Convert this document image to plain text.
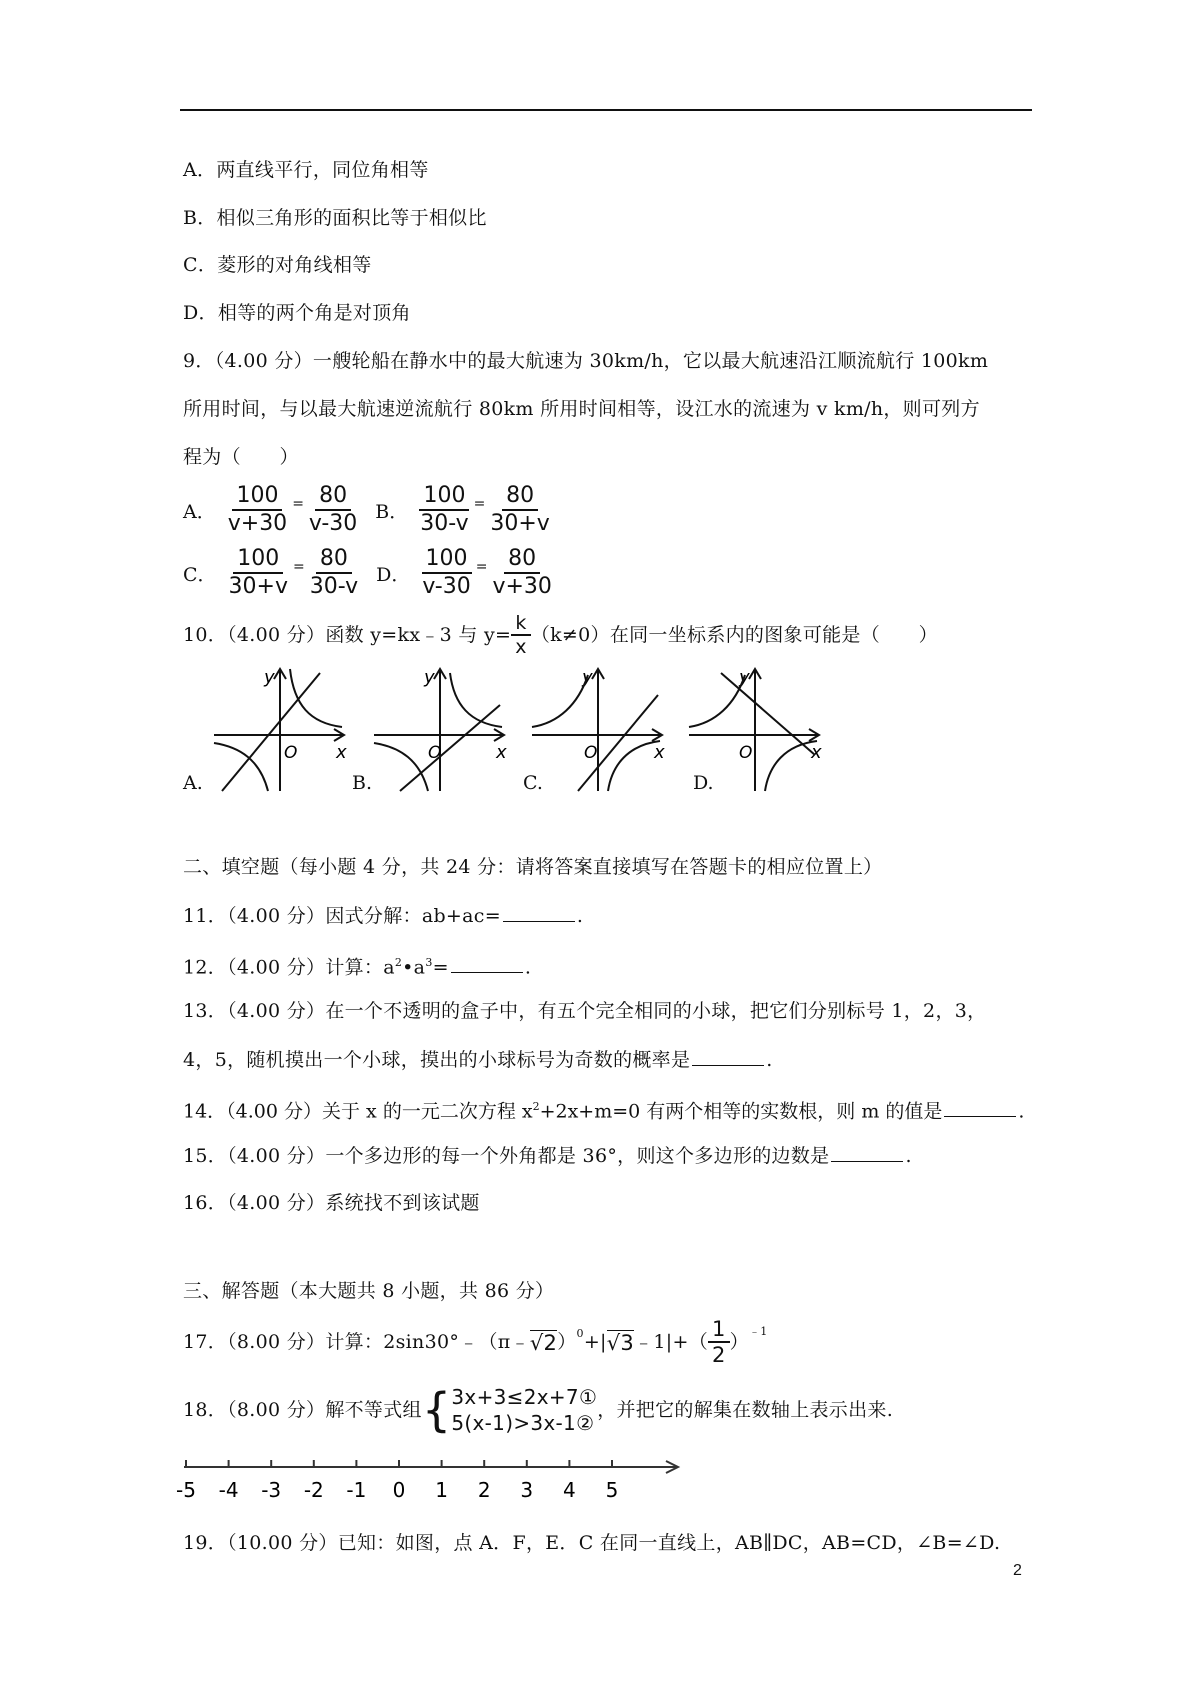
A．两直线平行，同位角相等
B．相似三角形的面积比等于相似比
C．菱形的对角线相等
D．相等的两个角是对顶角
9．（4.00 分）一艘轮船在静水中的最大航速为 30km/h，它以最大航速沿江顺流航行 100km
所用时间，与以最大航速逆流航行 80km 所用时间相等，设江水的流速为 v km/h，则可列方
程为（　　）
A． $\frac{100}{v+30} = \frac{80}{v-30}$ B． $\frac{100}{30-v} = \frac{80}{30+v}$
C． $\frac{100}{30+v} = \frac{80}{30-v}$ D． $\frac{100}{v-30} = \frac{80}{v+30}$
10．（4.00 分）函数 y=kx﹣3 与 $y= \frac{k}{x} (k\ne 0)$在同一坐标系内的图象可能是（　　）
y
x
O
y
x
O
y
x
O
y
x
O
A.	B.	C.	D.
二、填空题（每小题 4 分，共 24 分：请将答案直接填写在答题卡的相应位置上）
11．（4.00 分）因式分解：ab+ac=	.
12．（4.00 分）计算：$a^2•a^3=$	.
13．（4.00 分）在一个不透明的盒子中，有五个完全相同的小球，把它们分别标号 1，2，3，
4，5，随机摸出一个小球，摸出的小球标号为奇数的概率是	.
14．（4.00 分）关于 x 的一元二次方程 $x^2+2x+m=0$ 有两个相等的实数根，则 m 的值是	.
15．（4.00 分）一个多边形的每一个外角都是 36°，则这个多边形的边数是	.
16．（4.00 分）系统找不到该试题
三、解答题（本大题共 8 小题，共 86 分）
17．（8.00 分）计算：2sin30°﹣（π﹣ √2 ） 0 +| √3 ﹣1|+（ $\frac{1}{2}$ ） ﹣1
18．（8.00 分）解不等式组 { 3x+3≤2x+7①
5(x-1)>3x-1②
，并把它的解集在数轴上表示出来.
-5 -4 -3 -2 -1 0 1 2 3 4 5
19．（10.00 分）已知：如图，点 A．F，E．C 在同一直线上，AB∥DC，AB=CD，∠B=∠D.
2
